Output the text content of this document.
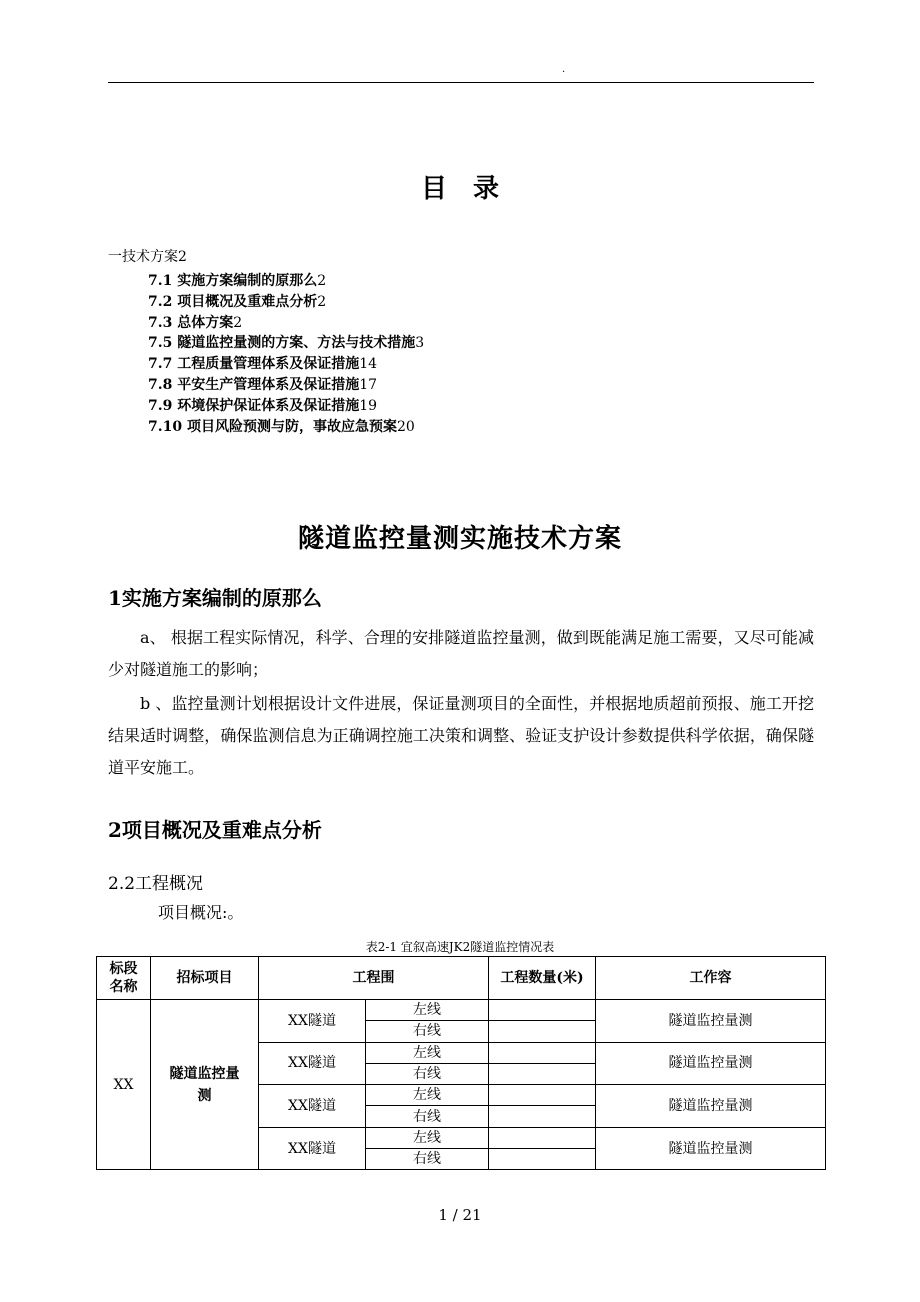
.
目录
一技术方案2
7.1 实施方案编制的原那么2
7.2 项目概况及重难点分析2
7.3 总体方案2
7.5 隧道监控量测的方案、方法与技术措施3
7.7 工程质量管理体系及保证措施14
7.8 平安生产管理体系及保证措施17
7.9 环境保护保证体系及保证措施19
7.10 项目风险预测与防，事故应急预案20
隧道监控量测实施技术方案
1实施方案编制的原那么
a、 根据工程实际情况，科学、合理的安排隧道监控量测，做到既能满足施工需要，又尽可能减少对隧道施工的影响；
b 、监控量测计划根据设计文件进展，保证量测项目的全面性，并根据地质超前预报、施工开挖结果适时调整，确保监测信息为正确调控施工决策和调整、验证支护设计参数提供科学依据，确保隧道平安施工。
2项目概况及重难点分析
2.2工程概况
项目概况:。
表2-1 宜叙高速JK2隧道监控情况表
标段名称	招标项目	工程围		工程数量(米)	工作容
XX	隧道监控量测	XX隧道	左线		隧道监控量测
			右线		
		XX隧道	左线		隧道监控量测
			右线		
		XX隧道	左线		隧道监控量测
			右线		
		XX隧道	左线		隧道监控量测
			右线		
1 / 21
